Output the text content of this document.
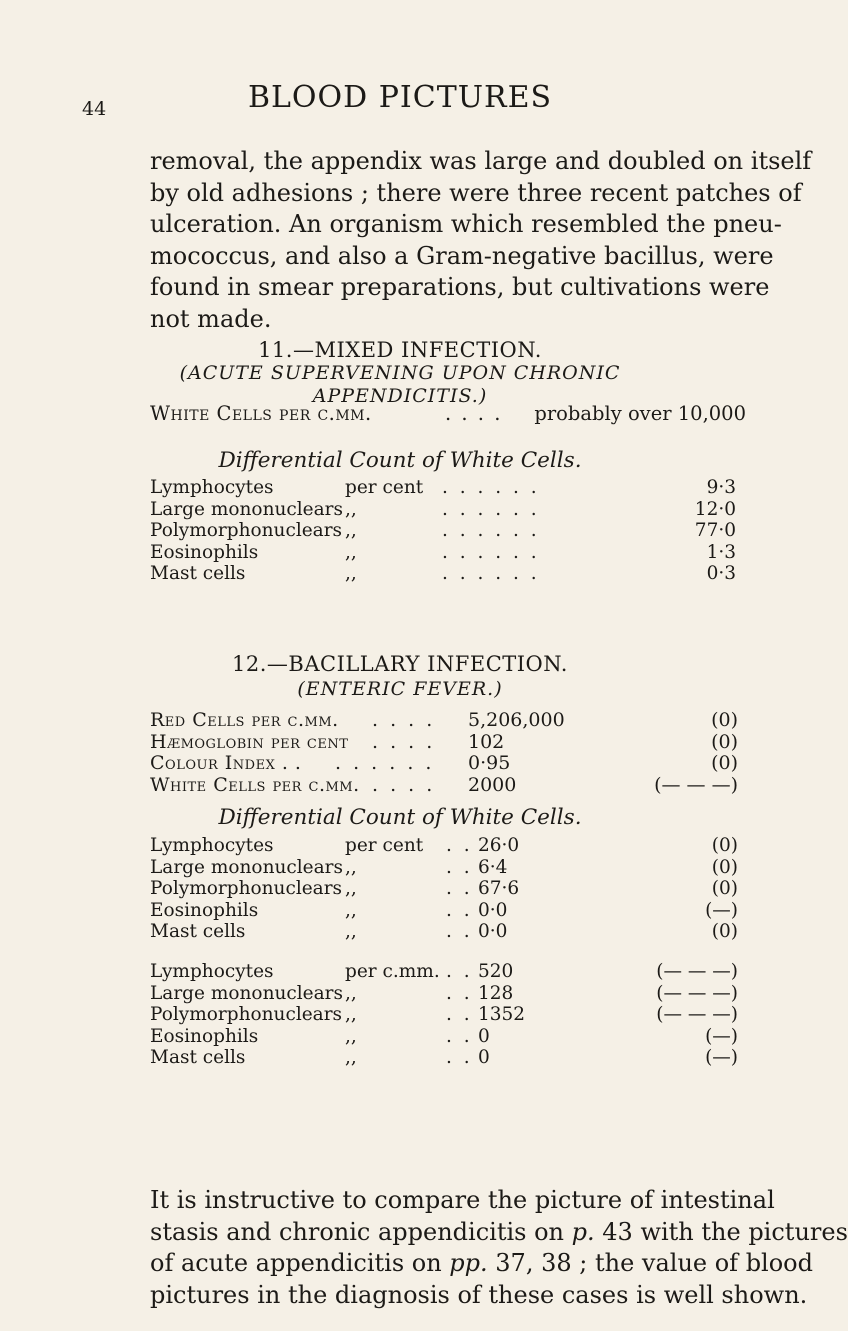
44	BLOOD PICTURES
removal, the appendix was large and doubled on itself
by old adhesions ; there were three recent patches of
ulceration. An organism which resembled the pneu-
mococcus, and also a Gram-negative bacillus, were
found in smear preparations, but cultivations were
not made.
11.—MIXED INFECTION.
(ACUTE SUPERVENING UPON CHRONIC
APPENDICITIS.)
White Cells per c.mm.	. . . . probably over 10,000
Differential Count of White Cells.
Lymphocytes	per cent . . . . . .	9·3
Large mononuclears ,,	. . . . . .	12·0
Polymorphonuclears ,,	. . . . . .	77·0
Eosinophils	,,	. . . . . .	1·3
Mast cells	,,	. . . . . .	0·3
12.—BACILLARY INFECTION.
(ENTERIC FEVER.)
Red Cells per c.mm. . . . . 5,206,000	(0)
Hæmoglobin per cent . . . . 102	(0)
Colour Index . . . . . . . . 0·95	(0)
White Cells per c.mm. . . . . 2000	(— — —)
Differential Count of White Cells.
Lymphocytes	per cent . . 26·0	(0)
Large mononuclears ,,	. . 6·4	(0)
Polymorphonuclears ,,	. . 67·6	(0)
Eosinophils	,,	. . 0·0	(—)
Mast cells	,,	. . 0·0	(0)
Lymphocytes	per c.mm. . . 520	(— — —)
Large mononuclears ,,	. . 128	(— — —)
Polymorphonuclears ,,	. . 1352	(— — —)
Eosinophils	,,	. . 0	(—)
Mast cells	,,	. . 0	(—)
It is instructive to compare the picture of intestinal
stasis and chronic appendicitis on p. 43 with the pictures
of acute appendicitis on pp. 37, 38 ; the value of blood
pictures in the diagnosis of these cases is well shown.
